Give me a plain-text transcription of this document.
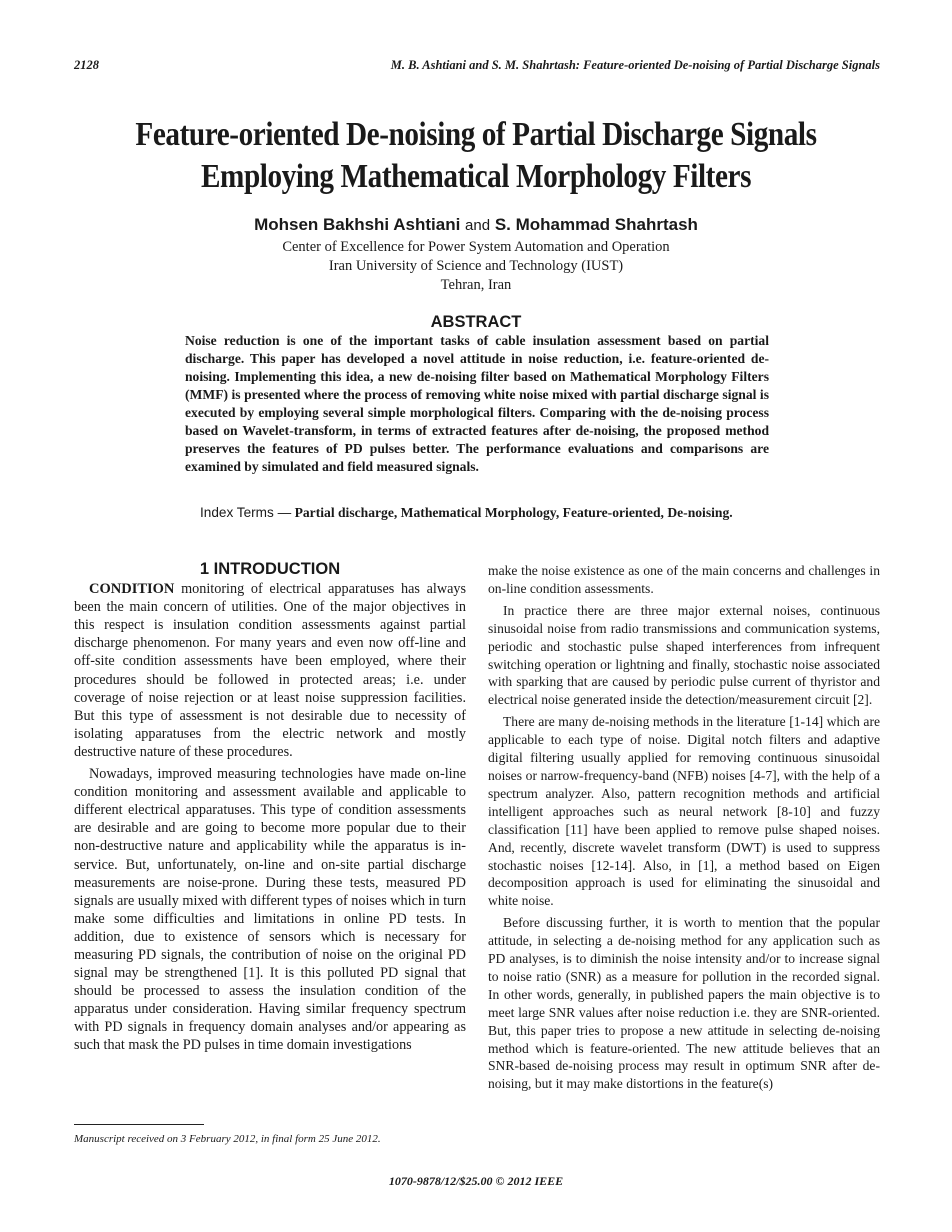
2128	M. B. Ashtiani and S. M. Shahrtash: Feature-oriented De-noising of Partial Discharge Signals
Feature-oriented De-noising of Partial Discharge Signals
Employing Mathematical Morphology Filters
Mohsen Bakhshi Ashtiani and S. Mohammad Shahrtash
Center of Excellence for Power System Automation and Operation
Iran University of Science and Technology (IUST)
Tehran, Iran
ABSTRACT
Noise reduction is one of the important tasks of cable insulation assessment based on partial discharge. This paper has developed a novel attitude in noise reduction, i.e. feature-oriented de-noising. Implementing this idea, a new de-noising filter based on Mathematical Morphology Filters (MMF) is presented where the process of removing white noise mixed with partial discharge signal is executed by employing several simple morphological filters. Comparing with the de-noising process based on Wavelet-transform, in terms of extracted features after de-noising, the proposed method preserves the features of PD pulses better. The performance evaluations and comparisons are examined by simulated and field measured signals.
Index Terms — Partial discharge, Mathematical Morphology, Feature-oriented, De-noising.
1 INTRODUCTION

CONDITION monitoring of electrical apparatuses has always been the main concern of utilities. One of the major objectives in this respect is insulation condition assessments against partial discharge phenomenon. For many years and even now off-line and off-site condition assessments have been employed, where their procedures should be followed in protected areas; i.e. under coverage of noise rejection or at least noise suppression facilities. But this type of assessment is not desirable due to necessity of isolating apparatuses from the electric network and mostly destructive nature of these procedures.

Nowadays, improved measuring technologies have made on-line condition monitoring and assessment available and applicable to different electrical apparatuses. This type of condition assessments are desirable and are going to become more popular due to their non-destructive nature and applicability while the apparatus is in-service. But, unfortunately, on-line and on-site partial discharge measurements are noise-prone. During these tests, measured PD signals are usually mixed with different types of noises which in turn make some difficulties and limitations in online PD tests. In addition, due to existence of sensors which is necessary for measuring PD signals, the contribution of noise on the original PD signal may be strengthened [1]. It is this polluted PD signal that should be processed to assess the insulation condition of the apparatus under consideration. Having similar frequency spectrum with PD signals in frequency domain analyses and/or appearing as such that mask the PD pulses in time domain investigations

make the noise existence as one of the main concerns and challenges in on-line condition assessments.

In practice there are three major external noises, continuous sinusoidal noise from radio transmissions and communication systems, periodic and stochastic pulse shaped interferences from infrequent switching operation or lightning and finally, stochastic noise associated with sparking that are caused by periodic pulse current of thyristor and electrical noise generated inside the detection/measurement circuit [2].

There are many de-noising methods in the literature [1-14] which are applicable to each type of noise. Digital notch filters and adaptive digital filtering usually applied for removing continuous sinusoidal noises or narrow-frequency-band (NFB) noises [4-7], with the help of a spectrum analyzer. Also, pattern recognition methods and artificial intelligent approaches such as neural network [8-10] and fuzzy classification [11] have been applied to remove pulse shaped noises. And, recently, discrete wavelet transform (DWT) is used to suppress stochastic noises [12-14]. Also, in [1], a method based on Eigen decomposition approach is used for eliminating the sinusoidal and white noise.

Before discussing further, it is worth to mention that the popular attitude, in selecting a de-noising method for any application such as PD analyses, is to diminish the noise intensity and/or to increase signal to noise ratio (SNR) as a measure for pollution in the recorded signal. In other words, generally, in published papers the main objective is to meet large SNR values after noise reduction i.e. they are SNR-oriented. But, this paper tries to propose a new attitude in selecting de-noising method which is feature-oriented. The new attitude believes that an SNR-based de-noising process may result in optimum SNR after de-noising, but it may make distortions in the feature(s)

Manuscript received on 3 February 2012, in final form 25 June 2012.
1070-9878/12/$25.00 © 2012 IEEE
